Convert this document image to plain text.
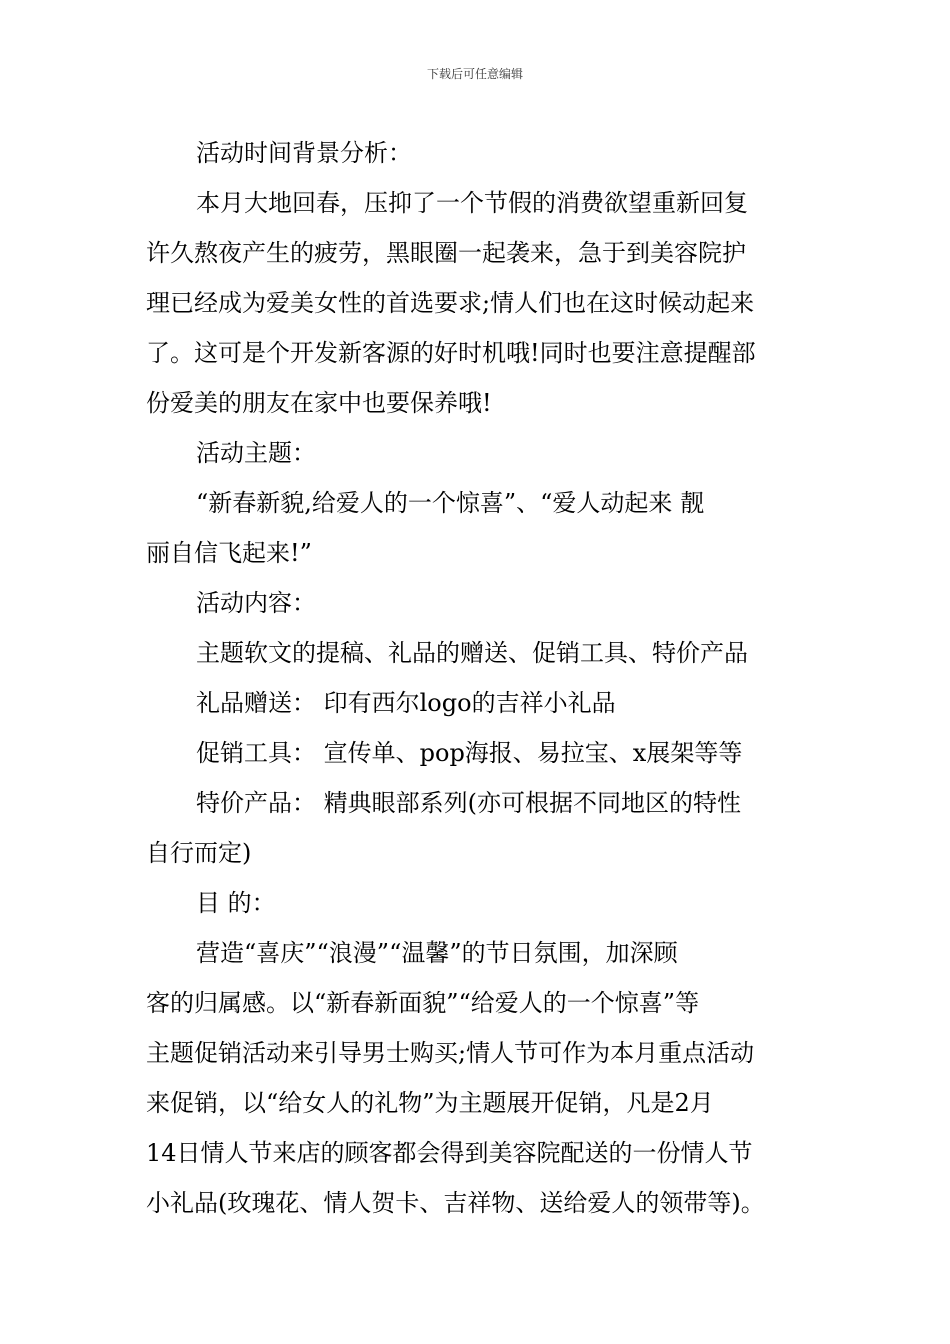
下载后可任意编辑

活动时间背景分析：

本月大地回春，压抑了一个节假的消费欲望重新回复

许久熬夜产生的疲劳，黑眼圈一起袭来，急于到美容院护

理已经成为爱美女性的首选要求;情人们也在这时候动起来

了。这可是个开发新客源的好时机哦!同时也要注意提醒部

份爱美的朋友在家中也要保养哦!

活动主题：

“新春新貌,给爱人的一个惊喜”、“爱人动起来 靓

丽自信飞起来!”

活动内容：

主题软文的提稿、礼品的赠送、促销工具、特价产品

礼品赠送： 印有西尔logo的吉祥小礼品

促销工具： 宣传单、pop海报、易拉宝、x展架等等

特价产品： 精典眼部系列(亦可根据不同地区的特性

自行而定)

目 的：

营造“喜庆”“浪漫”“温馨”的节日氛围，加深顾

客的归属感。以“新春新面貌”“给爱人的一个惊喜”等

主题促销活动来引导男士购买;情人节可作为本月重点活动

来促销，以“给女人的礼物”为主题展开促销，凡是2月

14日情人节来店的顾客都会得到美容院配送的一份情人节

小礼品(玫瑰花、情人贺卡、吉祥物、送给爱人的领带等)。
